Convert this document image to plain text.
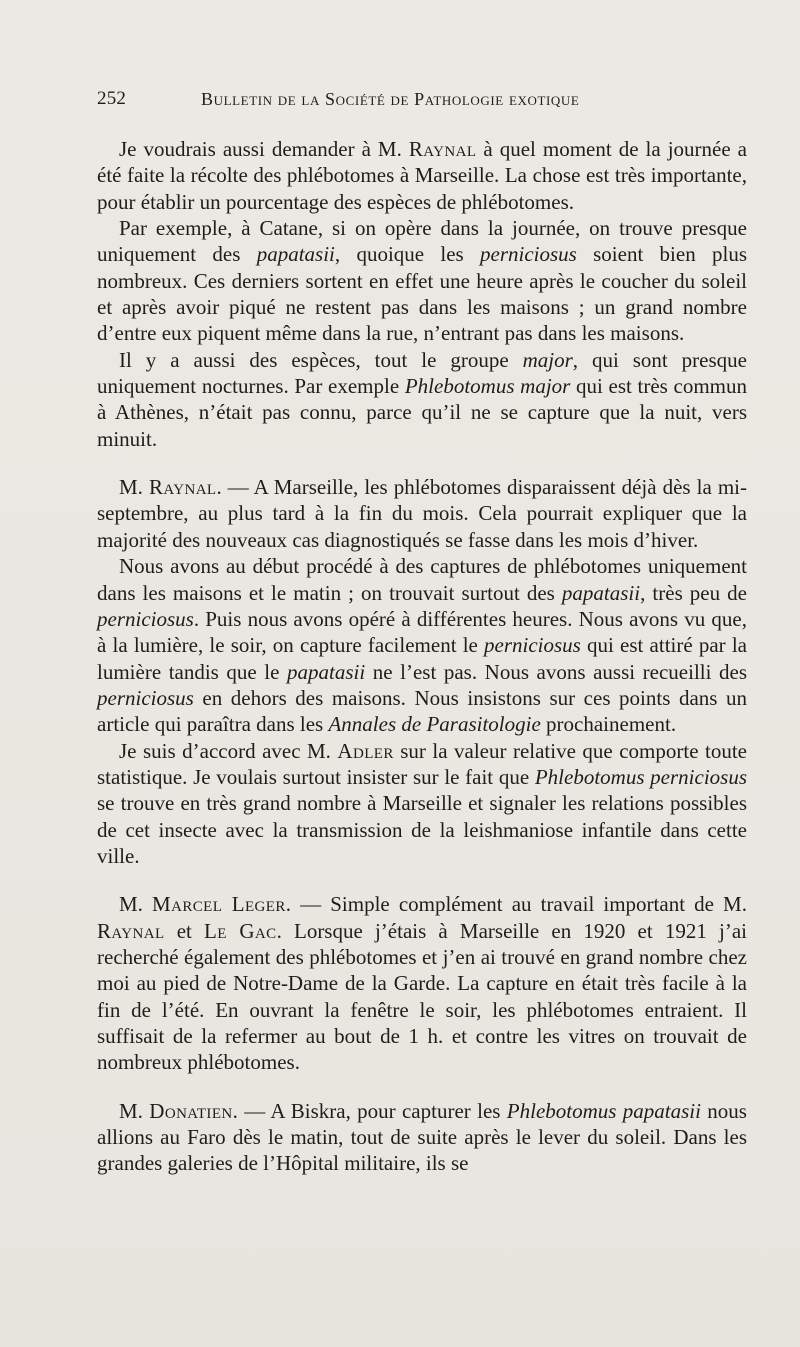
252	Bulletin de la Société de Pathologie exotique

Je voudrais aussi demander à M. Raynal à quel moment de la journée a été faite la récolte des phlébotomes à Marseille. La chose est très importante, pour établir un pourcentage des espèces de phlébotomes.

Par exemple, à Catane, si on opère dans la journée, on trouve presque uniquement des papatasii, quoique les perniciosus soient bien plus nombreux. Ces derniers sortent en effet une heure après le coucher du soleil et après avoir piqué ne restent pas dans les maisons ; un grand nombre d’entre eux piquent même dans la rue, n’entrant pas dans les maisons.

Il y a aussi des espèces, tout le groupe major, qui sont presque uniquement nocturnes. Par exemple Phlebotomus major qui est très commun à Athènes, n’était pas connu, parce qu’il ne se capture que la nuit, vers minuit.

M. Raynal. — A Marseille, les phlébotomes disparaissent déjà dès la mi-septembre, au plus tard à la fin du mois. Cela pourrait expliquer que la majorité des nouveaux cas diagnostiqués se fasse dans les mois d’hiver.

Nous avons au début procédé à des captures de phlébotomes uniquement dans les maisons et le matin ; on trouvait surtout des papatasii, très peu de perniciosus. Puis nous avons opéré à différentes heures. Nous avons vu que, à la lumière, le soir, on capture facilement le perniciosus qui est attiré par la lumière tandis que le papatasii ne l’est pas. Nous avons aussi recueilli des perniciosus en dehors des maisons. Nous insistons sur ces points dans un article qui paraîtra dans les Annales de Parasitologie prochainement.

Je suis d’accord avec M. Adler sur la valeur relative que comporte toute statistique. Je voulais surtout insister sur le fait que Phlebotomus perniciosus se trouve en très grand nombre à Marseille et signaler les relations possibles de cet insecte avec la transmission de la leishmaniose infantile dans cette ville.

M. Marcel Leger. — Simple complément au travail important de M. Raynal et Le Gac. Lorsque j’étais à Marseille en 1920 et 1921 j’ai recherché également des phlébotomes et j’en ai trouvé en grand nombre chez moi au pied de Notre-Dame de la Garde. La capture en était très facile à la fin de l’été. En ouvrant la fenêtre le soir, les phlébotomes entraient. Il suffisait de la refermer au bout de 1 h. et contre les vitres on trouvait de nombreux phlébotomes.

M. Donatien. — A Biskra, pour capturer les Phlebotomus papatasii nous allions au Faro dès le matin, tout de suite après le lever du soleil. Dans les grandes galeries de l’Hôpital militaire, ils se
